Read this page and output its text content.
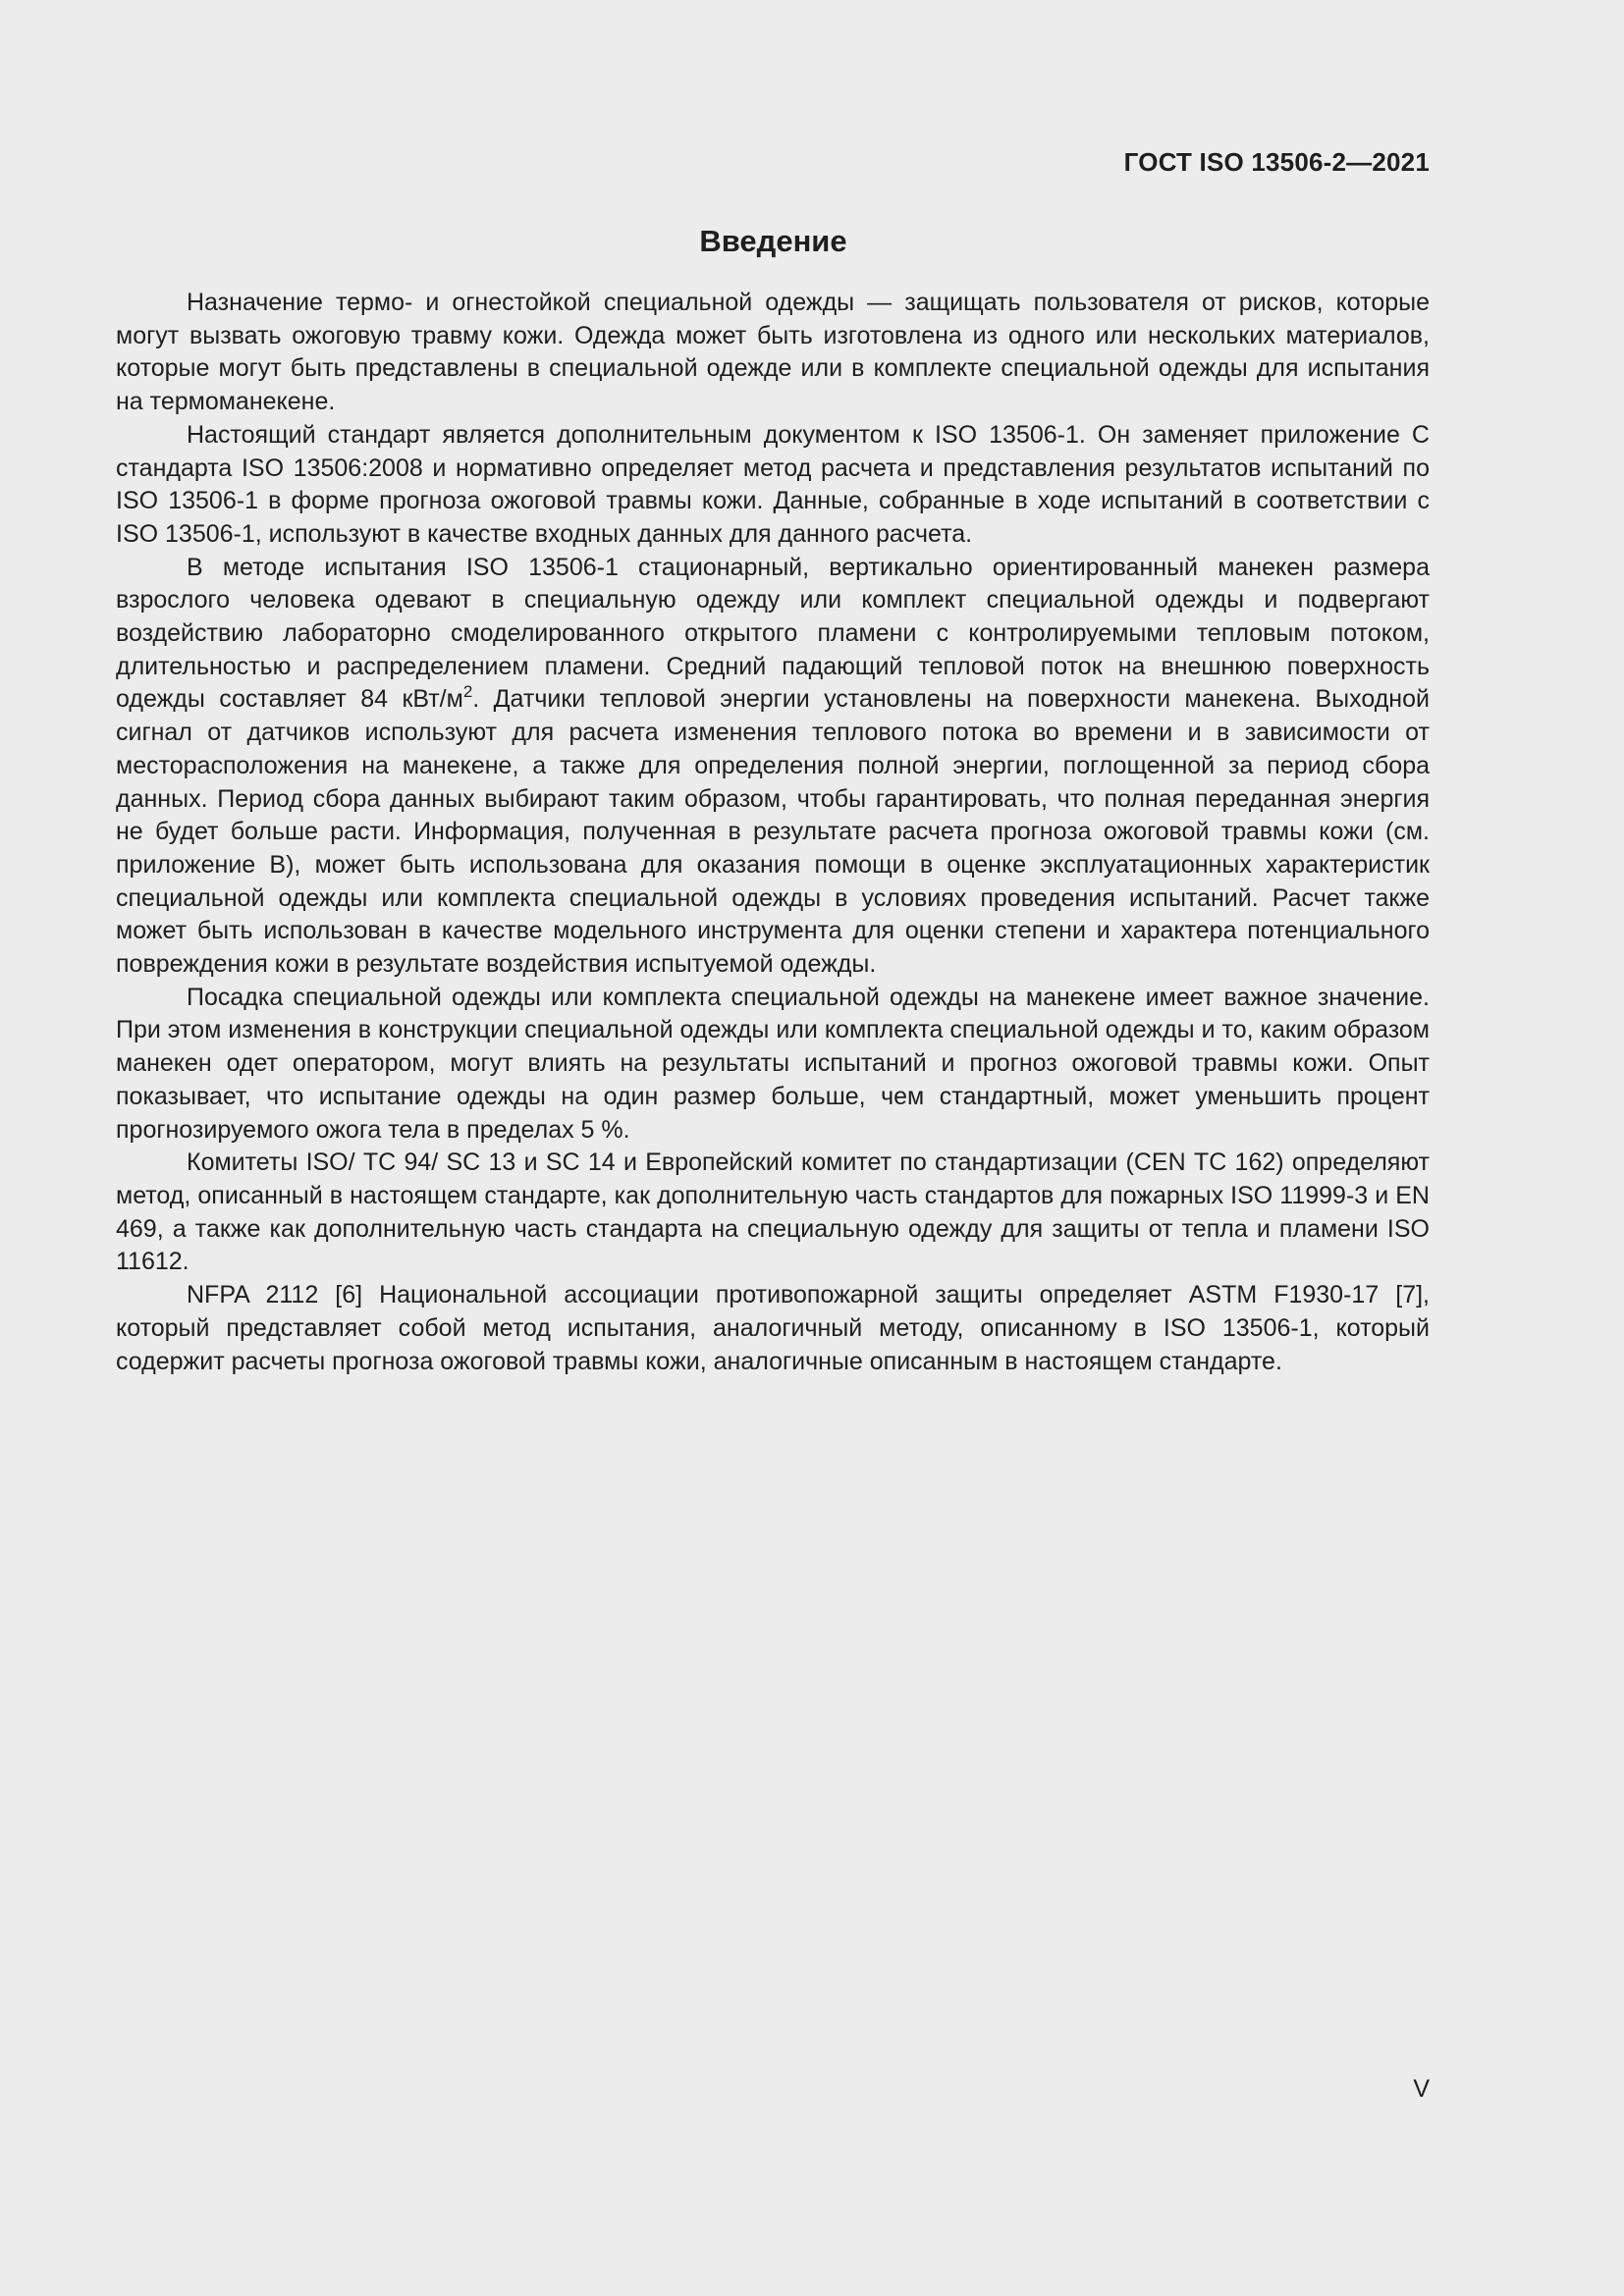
ГОСТ ISO 13506-2—2021
Введение

Назначение термо- и огнестойкой специальной одежды — защищать пользователя от рисков, которые могут вызвать ожоговую травму кожи. Одежда может быть изготовлена из одного или нескольких материалов, которые могут быть представлены в специальной одежде или в комплекте специальной одежды для испытания на термоманекене.

Настоящий стандарт является дополнительным документом к ISO 13506-1. Он заменяет приложение С стандарта ISO 13506:2008 и нормативно определяет метод расчета и представления результатов испытаний по ISO 13506-1 в форме прогноза ожоговой травмы кожи. Данные, собранные в ходе испытаний в соответствии с ISO 13506-1, используют в качестве входных данных для данного расчета.

В методе испытания ISO 13506-1 стационарный, вертикально ориентированный манекен размера взрослого человека одевают в специальную одежду или комплект специальной одежды и подвергают воздействию лабораторно смоделированного открытого пламени с контролируемыми тепловым потоком, длительностью и распределением пламени. Средний падающий тепловой поток на внешнюю поверхность одежды составляет 84 кВт/$м^2$. Датчики тепловой энергии установлены на поверхности манекена. Выходной сигнал от датчиков используют для расчета изменения теплового потока во времени и в зависимости от месторасположения на манекене, а также для определения полной энергии, поглощенной за период сбора данных. Период сбора данных выбирают таким образом, чтобы гарантировать, что полная переданная энергия не будет больше расти. Информация, полученная в результате расчета прогноза ожоговой травмы кожи (см. приложение В), может быть использована для оказания помощи в оценке эксплуатационных характеристик специальной одежды или комплекта специальной одежды в условиях проведения испытаний. Расчет также может быть использован в качестве модельного инструмента для оценки степени и характера потенциального повреждения кожи в результате воздействия испытуемой одежды.

Посадка специальной одежды или комплекта специальной одежды на манекене имеет важное значение. При этом изменения в конструкции специальной одежды или комплекта специальной одежды и то, каким образом манекен одет оператором, могут влиять на результаты испытаний и прогноз ожоговой травмы кожи. Опыт показывает, что испытание одежды на один размер больше, чем стандартный, может уменьшить процент прогнозируемого ожога тела в пределах 5 %.

Комитеты ISO/ ТС 94/ SC 13 и SC 14 и Европейский комитет по стандартизации (CEN ТС 162) определяют метод, описанный в настоящем стандарте, как дополнительную часть стандартов для пожарных ISO 11999-3 и EN 469, а также как дополнительную часть стандарта на специальную одежду для защиты от тепла и пламени ISO 11612.

NFPA 2112 [6] Национальной ассоциации противопожарной защиты определяет ASTM F1930-17 [7], который представляет собой метод испытания, аналогичный методу, описанному в ISO 13506-1, который содержит расчеты прогноза ожоговой травмы кожи, аналогичные описанным в настоящем стандарте.

V
